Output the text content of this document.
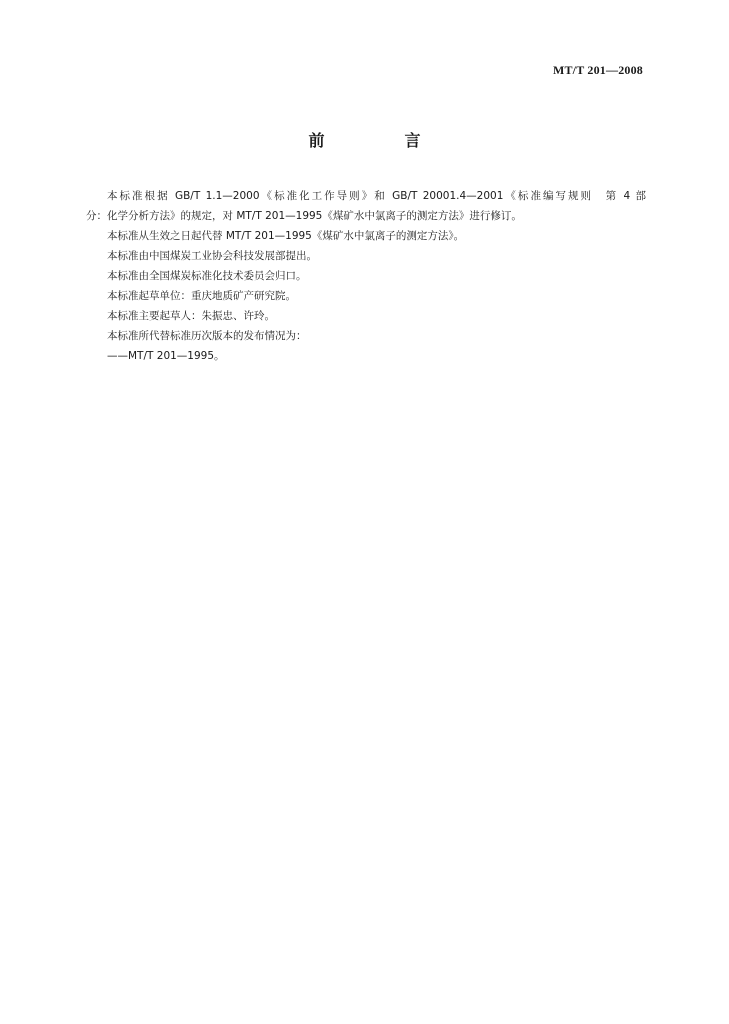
MT/T 201—2008
前　言

本标准根据 GB/T 1.1—2000《标准化工作导则》和 GB/T 20001.4—2001《标准编写规则　第 4 部

分：化学分析方法》的规定，对 MT/T 201—1995《煤矿水中氯离子的测定方法》进行修订。

本标准从生效之日起代替 MT/T 201—1995《煤矿水中氯离子的测定方法》。

本标准由中国煤炭工业协会科技发展部提出。

本标准由全国煤炭标准化技术委员会归口。

本标准起草单位：重庆地质矿产研究院。

本标准主要起草人：朱振忠、许玲。

本标准所代替标准历次版本的发布情况为：

——MT/T 201—1995。
